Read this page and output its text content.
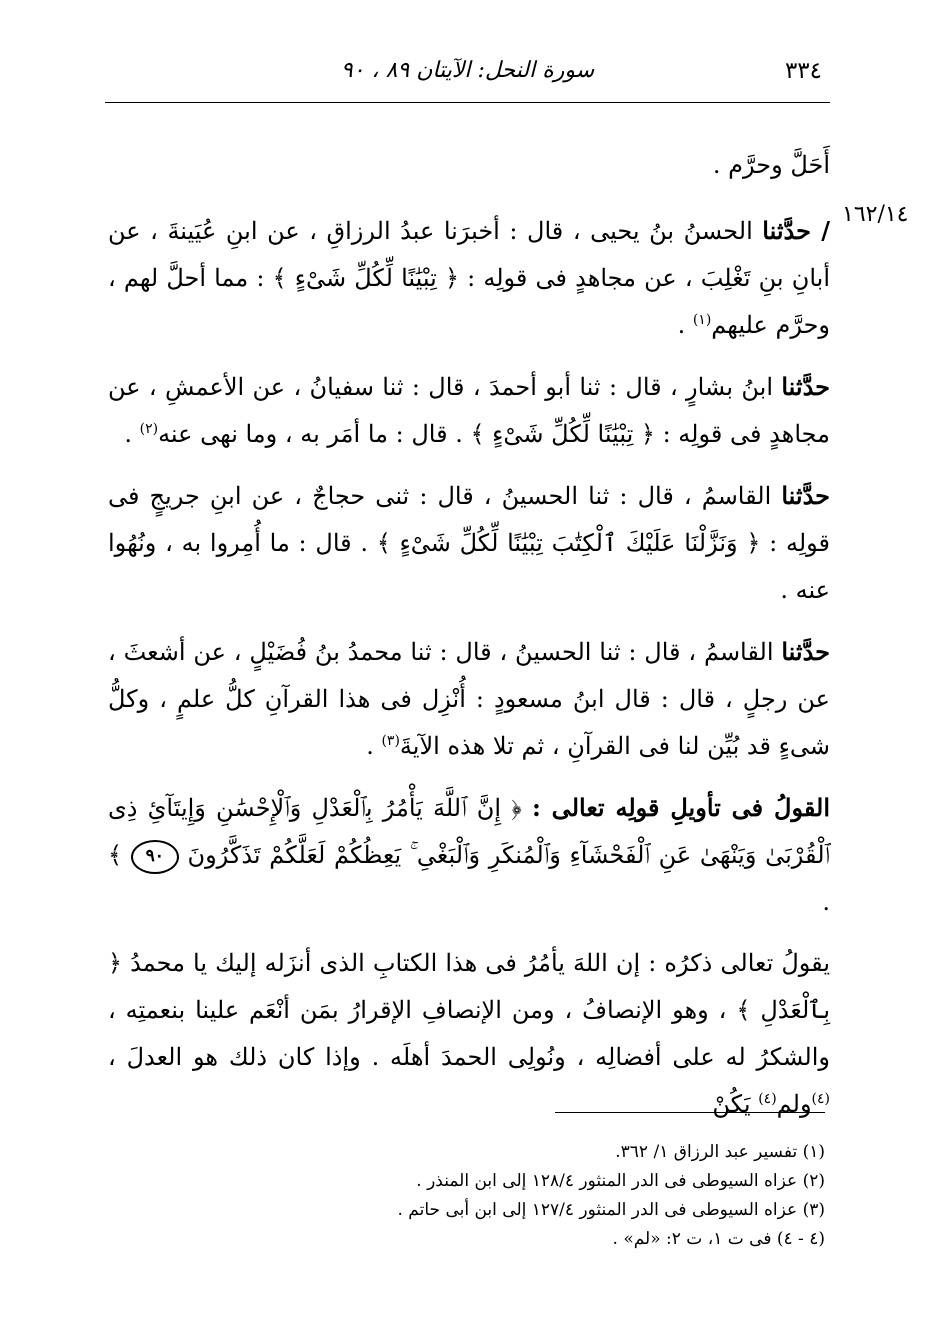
٣٣٤
سورة النحل: الآيتان ٨٩ ، ٩٠
١٦٢/١٤

أَحَلَّ وحرَّم .

/ حدَّثنا الحسنُ بنُ يحيى ، قال : أخبرَنا عبدُ الرزاقِ ، عن ابنِ عُيَينةَ ، عن أبانِ بنِ تَغْلِبَ ، عن مجاهدٍ فى قولِه : ﴿ تِبْيَٰنًا لِّكُلِّ شَىْءٍ ﴾ : مما أحلَّ لهم ، وحرَّم عليهم$^{(١)}$ .

حدَّثنا ابنُ بشارٍ ، قال : ثنا أبو أحمدَ ، قال : ثنا سفيانُ ، عن الأعمشِ ، عن مجاهدٍ فى قولِه : ﴿ تِبْيَٰنًا لِّكُلِّ شَىْءٍ ﴾ . قال : ما أمَر به ، وما نهى عنه$^{(٢)}$ .

حدَّثنا القاسمُ ، قال : ثنا الحسينُ ، قال : ثنى حجاجٌ ، عن ابنِ جريجٍ فى قولِه : ﴿ وَنَزَّلْنَا عَلَيْكَ ٱلْكِتَٰبَ تِبْيَٰنًا لِّكُلِّ شَىْءٍ ﴾ . قال : ما أُمِروا به ، ونُهُوا عنه .

حدَّثنا القاسمُ ، قال : ثنا الحسينُ ، قال : ثنا محمدُ بنُ فُضَيْلٍ ، عن أشعثَ ، عن رجلٍ ، قال : قال ابنُ مسعودٍ : أُنْزِل فى هذا القرآنِ كلُّ علمٍ ، وكلُّ شىءٍ قد بُيِّن لنا فى القرآنِ ، ثم تلا هذه الآيةَ$^{(٣)}$ .

القولُ فى تأويلِ قولِه تعالى : ﴿ إِنَّ ٱللَّهَ يَأْمُرُ بِٱلْعَدْلِ وَٱلْإِحْسَٰنِ وَإِيتَآئِ ذِى ٱلْقُرْبَىٰ وَيَنْهَىٰ عَنِ ٱلْفَحْشَآءِ وَٱلْمُنكَرِ وَٱلْبَغْىِ ۚ يَعِظُكُمْ لَعَلَّكُمْ تَذَكَّرُونَ ٩٠ ﴾ .

يقولُ تعالى ذكرُه : إن اللهَ يأمُرُ فى هذا الكتابِ الذى أنزَله إليك يا محمدُ ﴿ بِٱلْعَدْلِ ﴾ ، وهو الإنصافُ ، ومن الإنصافِ الإقرارُ بمَن أنْعَم علينا بنعمتِه ، والشكرُ له على أفضالِه ، ونُولِى الحمدَ أهلَه . وإذا كان ذلك هو العدلَ ، $^{(٤)}$ولم$^{(٤)}$ يَكُنْ

(١) تفسير عبد الرزاق ١/ ٣٦٢.

(٢) عزاه السيوطى فى الدر المنثور ١٢٨/٤ إلى ابن المنذر .

(٣) عزاه السيوطى فى الدر المنثور ١٢٧/٤ إلى ابن أبى حاتم .

(٤ - ٤) فى ت ١، ت ٢: «لم» .
